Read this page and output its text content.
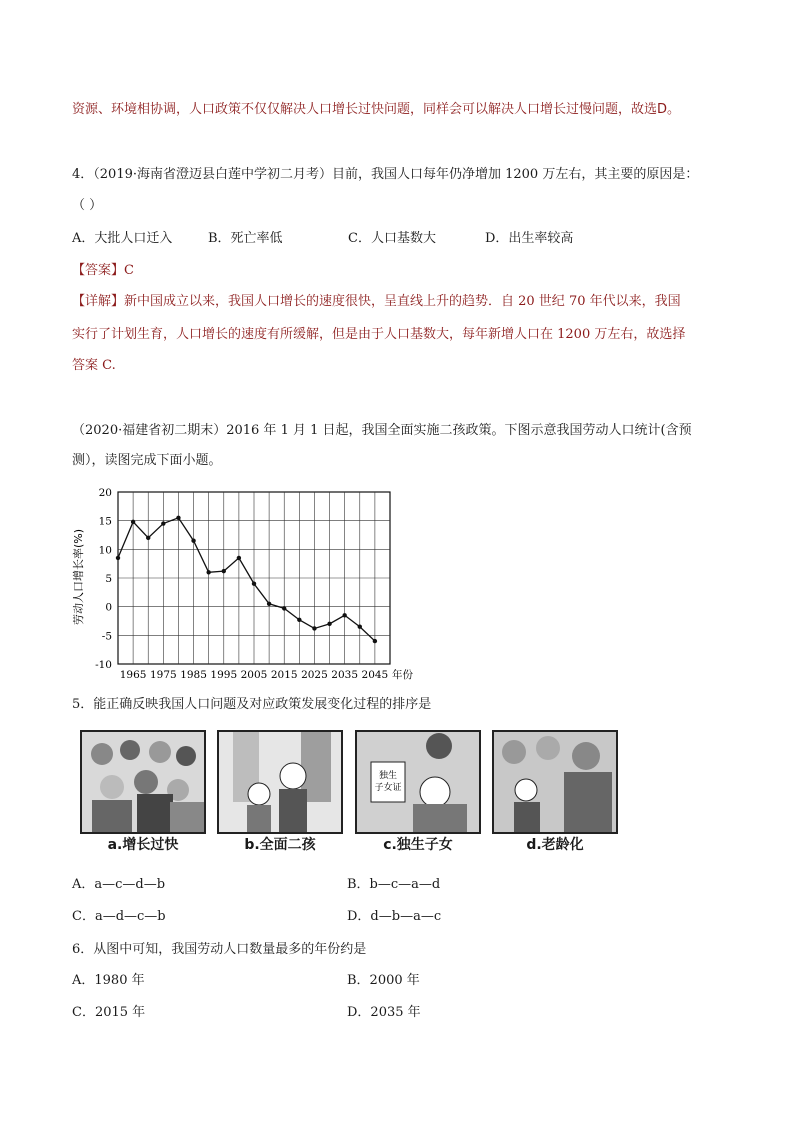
资源、环境相协调，人口政策不仅仅解决人口增长过快问题，同样会可以解决人口增长过慢问题，故选D。
4．（2019·海南省澄迈县白莲中学初二月考）目前，我国人口每年仍净增加 1200 万左右，其主要的原因是：
（ ）
A．大批人口迁入	B．死亡率低	C．人口基数大	D．出生率较高
【答案】C
【详解】新中国成立以来，我国人口增长的速度很快，呈直线上升的趋势．自 20 世纪 70 年代以来，我国
实行了计划生育，人口增长的速度有所缓解，但是由于人口基数大，每年新增人口在 1200 万左右，故选择
答案 C.
（2020·福建省初二期末）2016 年 1 月 1 日起，我国全面实施二孩政策。下图示意我国劳动人口统计(含预
测），读图完成下面小题。
20
15
10
5
0
-5
-10
1965 1975 1985 1995 2005 2015 2025 2035 2045 年份
劳动人口增长率(%)
5．能正确反映我国人口问题及对应政策发展变化过程的排序是
独生
子女证
a.增长过快	b.全面二孩	c.独生子女	d.老龄化
A．a—c—d—b	B．b—c—a—d
C．a—d—c—b	D．d—b—a—c
6．从图中可知，我国劳动人口数量最多的年份约是
A．1980 年	B．2000 年
C．2015 年	D．2035 年
